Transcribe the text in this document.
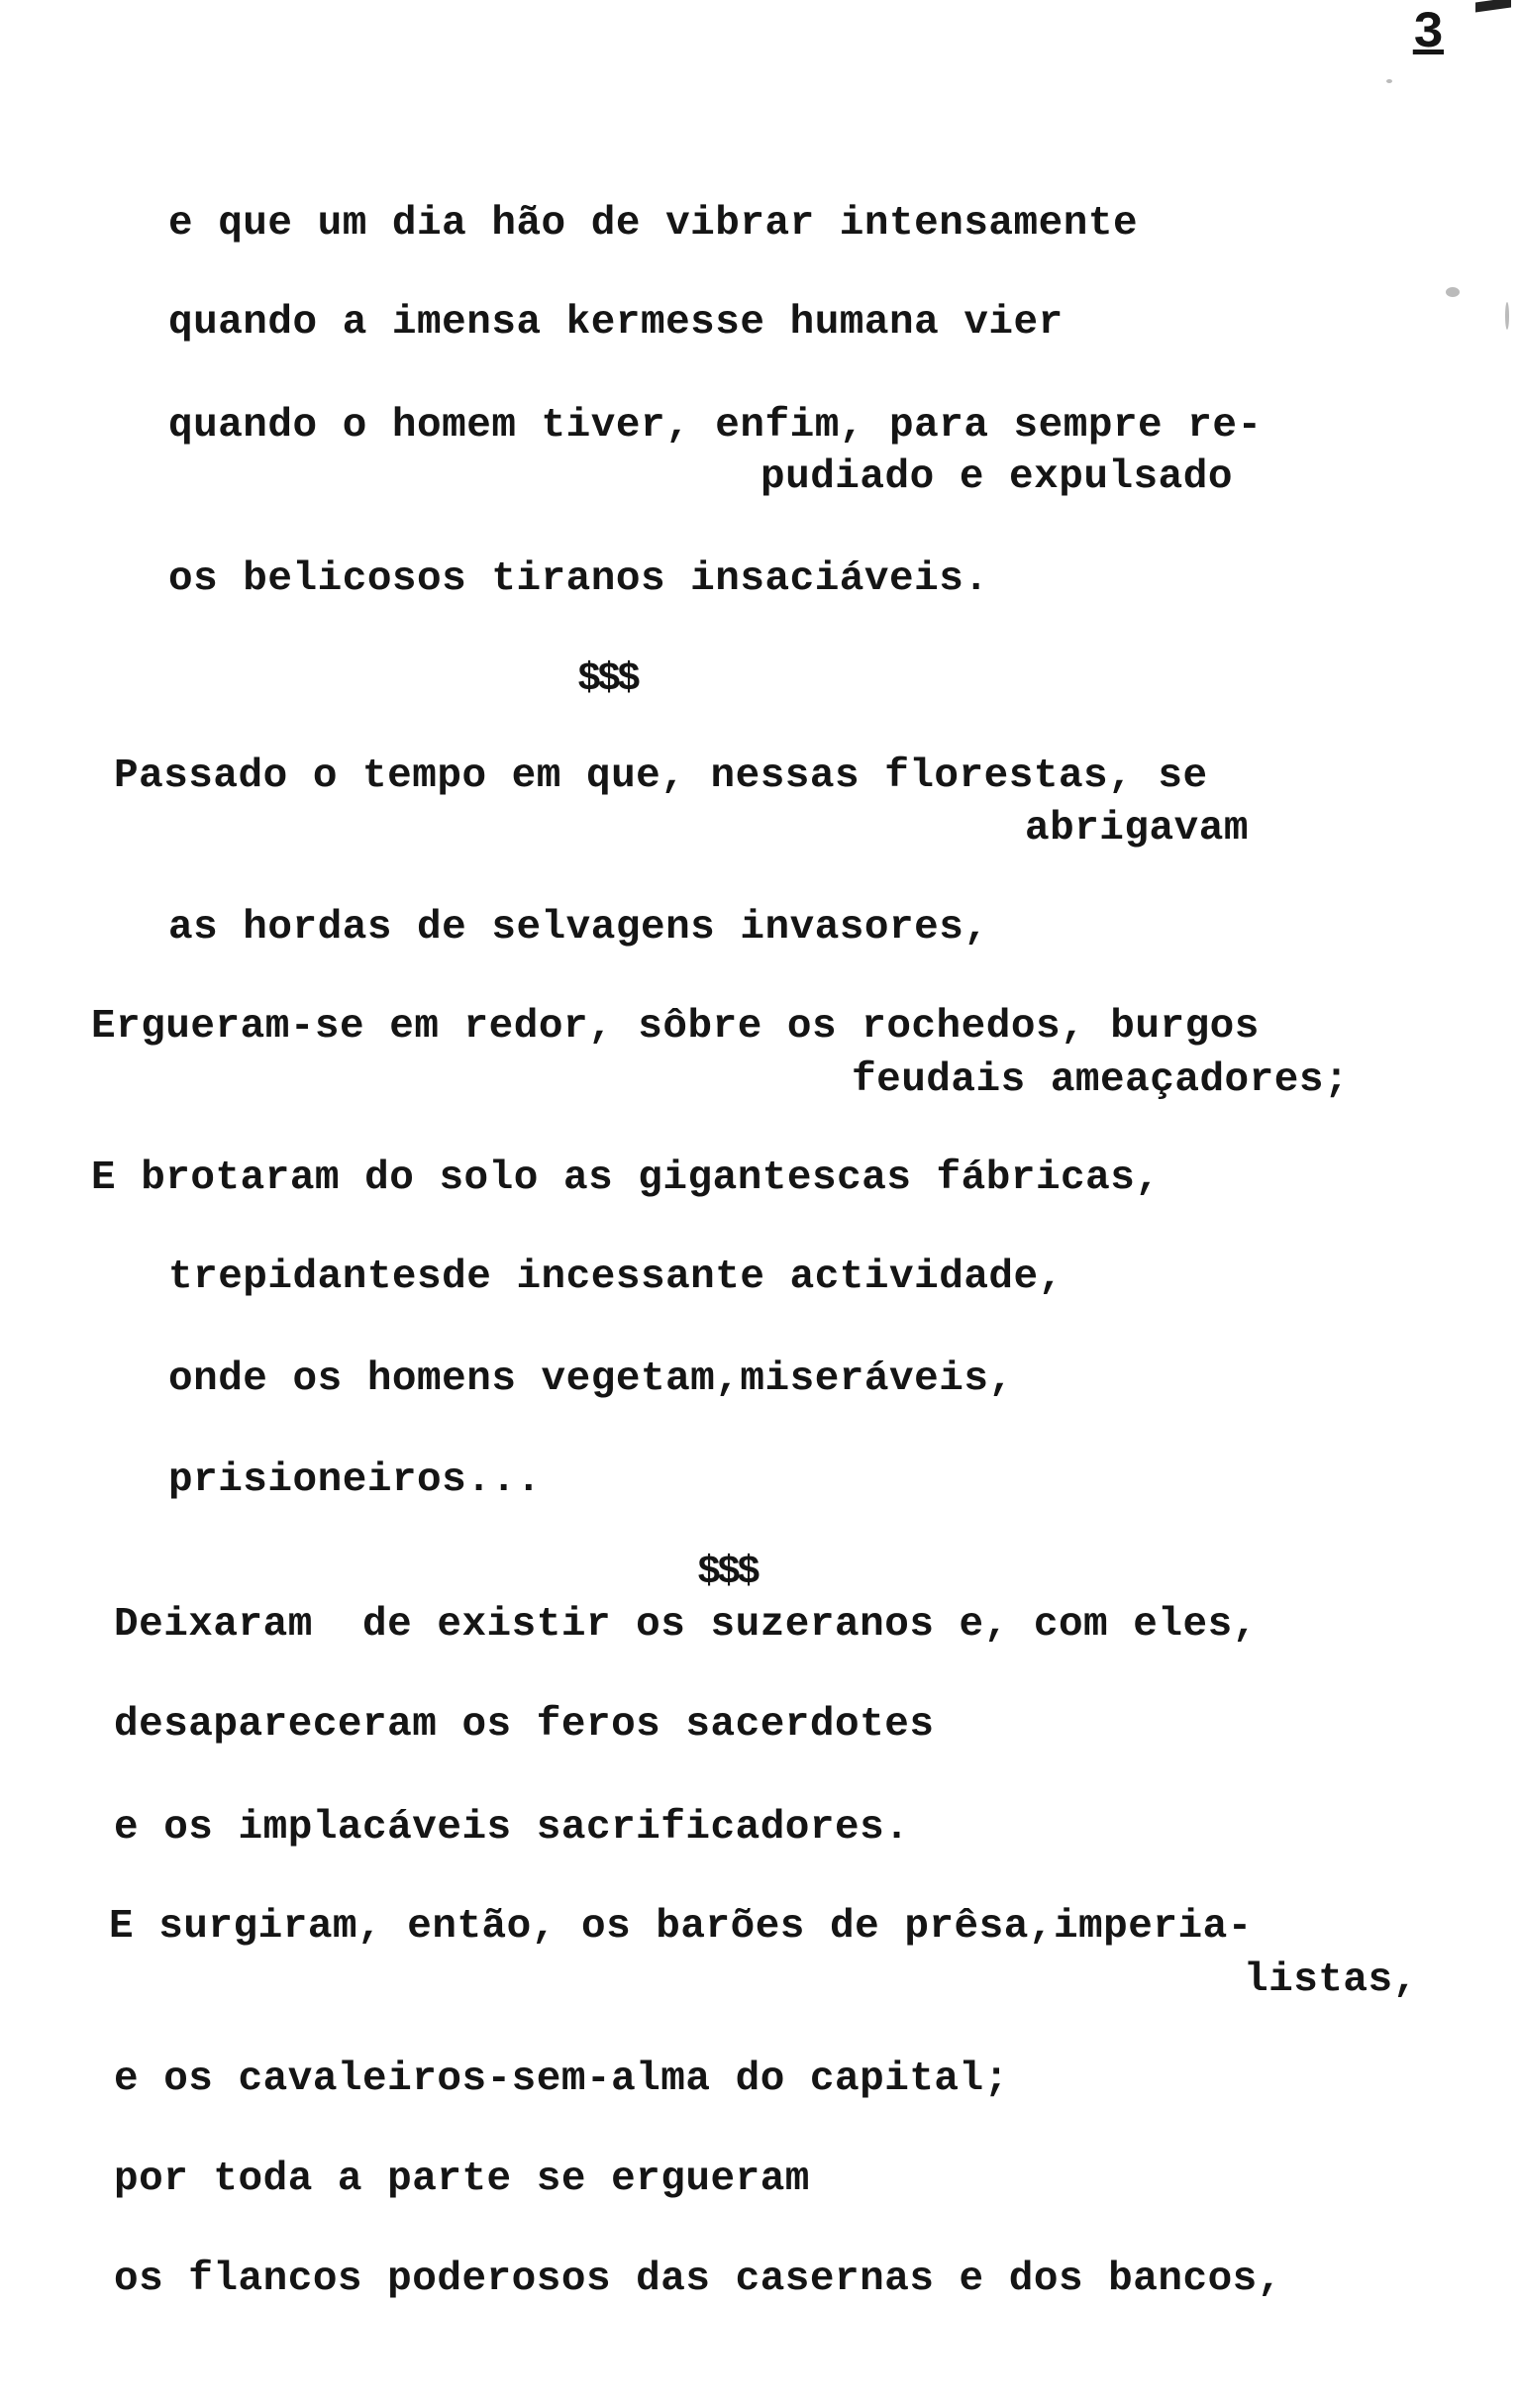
3
e que um dia hão de vibrar intensamente
quando a imensa kermesse humana vier
quando o homem tiver, enfim, para sempre re-
pudiado e expulsado
os belicosos tiranos insaciáveis.
$$$
Passado o tempo em que, nessas florestas, se
abrigavam
as hordas de selvagens invasores,
Ergueram-se em redor, sôbre os rochedos, burgos
feudais ameaçadores;
E brotaram do solo as gigantescas fábricas,
trepidantesde incessante actividade,
onde os homens vegetam,miseráveis,
prisioneiros...
$$$
Deixaram  de existir os suzeranos e, com eles,
desapareceram os feros sacerdotes
e os implacáveis sacrificadores.
E surgiram, então, os barões de prêsa,imperia-
listas,
e os cavaleiros-sem-alma do capital;
por toda a parte se ergueram
os flancos poderosos das casernas e dos bancos,
